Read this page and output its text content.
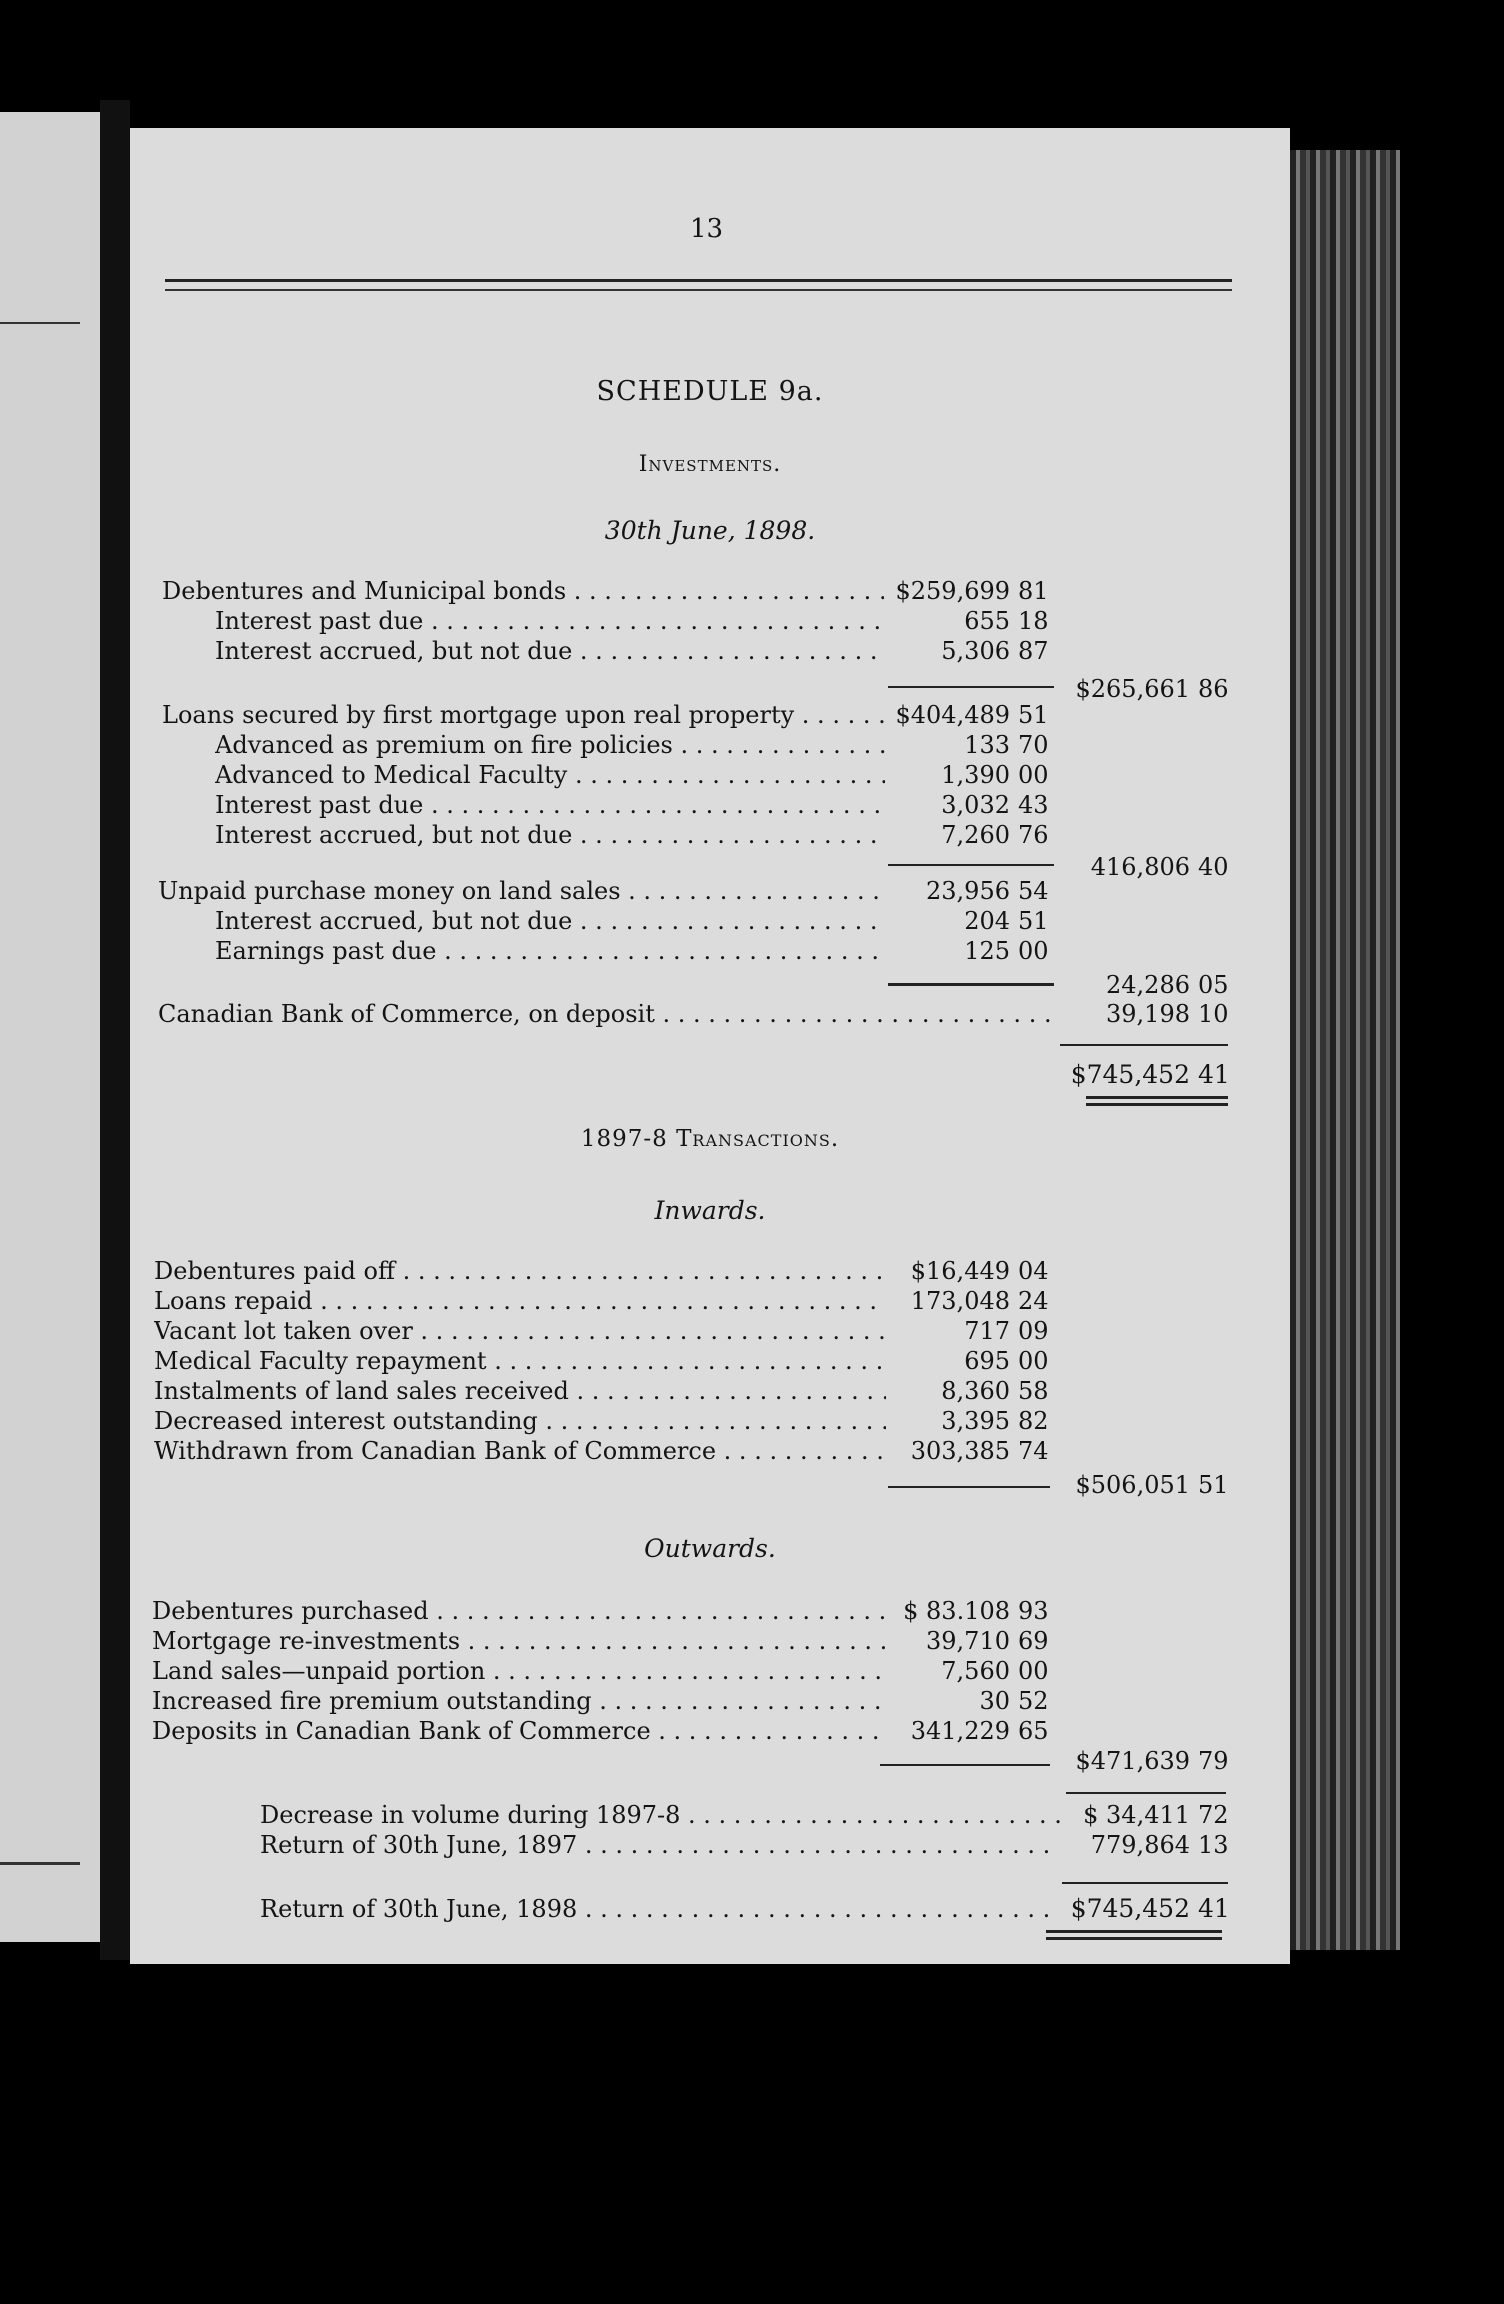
13
SCHEDULE 9a.
Investments.
30th June, 1898.
Debentures and Municipal bonds . . .	$259,699 81
Interest past due . . .	655 18
Interest accrued, but not due . . .	5,306 87
$265,661 86
Loans secured by first mortgage upon real property . . .	$404,489 51
Advanced as premium on fire policies . . .	133 70
Advanced to Medical Faculty . . .	1,390 00
Interest past due . . .	3,032 43
Interest accrued, but not due . . .	7,260 76
416,806 40
Unpaid purchase money on land sales . . .	23,956 54
Interest accrued, but not due . . .	204 51
Earnings past due . . .	125 00
24,286 05
Canadian Bank of Commerce, on deposit . . .	39,198 10
$745,452 41
1897-8 Transactions.
Inwards.
Debentures paid off . . .	$16,449 04
Loans repaid . . .	173,048 24
Vacant lot taken over . . .	717 09
Medical Faculty repayment . . .	695 00
Instalments of land sales received . . .	8,360 58
Decreased interest outstanding . . .	3,395 82
Withdrawn from Canadian Bank of Commerce . . .	303,385 74
$506,051 51
Outwards.
Debentures purchased . . .	$ 83.108 93
Mortgage re-investments . . .	39,710 69
Land sales—unpaid portion . . .	7,560 00
Increased fire premium outstanding . . .	30 52
Deposits in Canadian Bank of Commerce . . .	341,229 65
$471,639 79
Decrease in volume during 1897-8 . . .	$ 34,411 72
Return of 30th June, 1897 . . .	779,864 13
Return of 30th June, 1898 . . .	$745,452 41
